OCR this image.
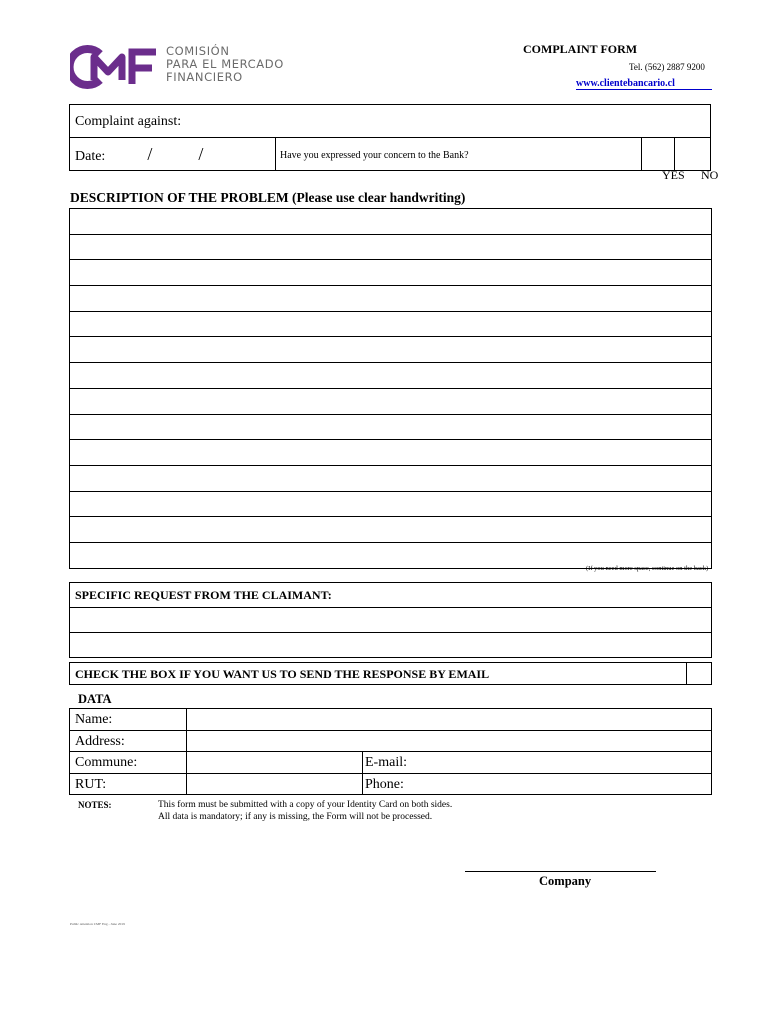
COMISIÓN
PARA EL MERCADO
FINANCIERO
COMPLAINT FORM
Tel. (562) 2887 9200
www.clientebancario.cl
Complaint against:
Date: /	/	Have you expressed your concern to the Bank?		
YES NO
DESCRIPTION OF THE PROBLEM (Please use clear handwriting)

(If you need more space, continue on the back)
SPECIFIC REQUEST FROM THE CLAIMANT:

CHECK THE BOX IF YOU WANT US TO SEND THE RESPONSE BY EMAIL	
DATA
Name:		
Address:		
Commune:		E-mail:
RUT:		Phone:
NOTES:	This form must be submitted with a copy of your Identity Card on both sides.
All data is mandatory; if any is missing, the Form will not be processed.
Company
Public Attention CMF Eng - June 2019
